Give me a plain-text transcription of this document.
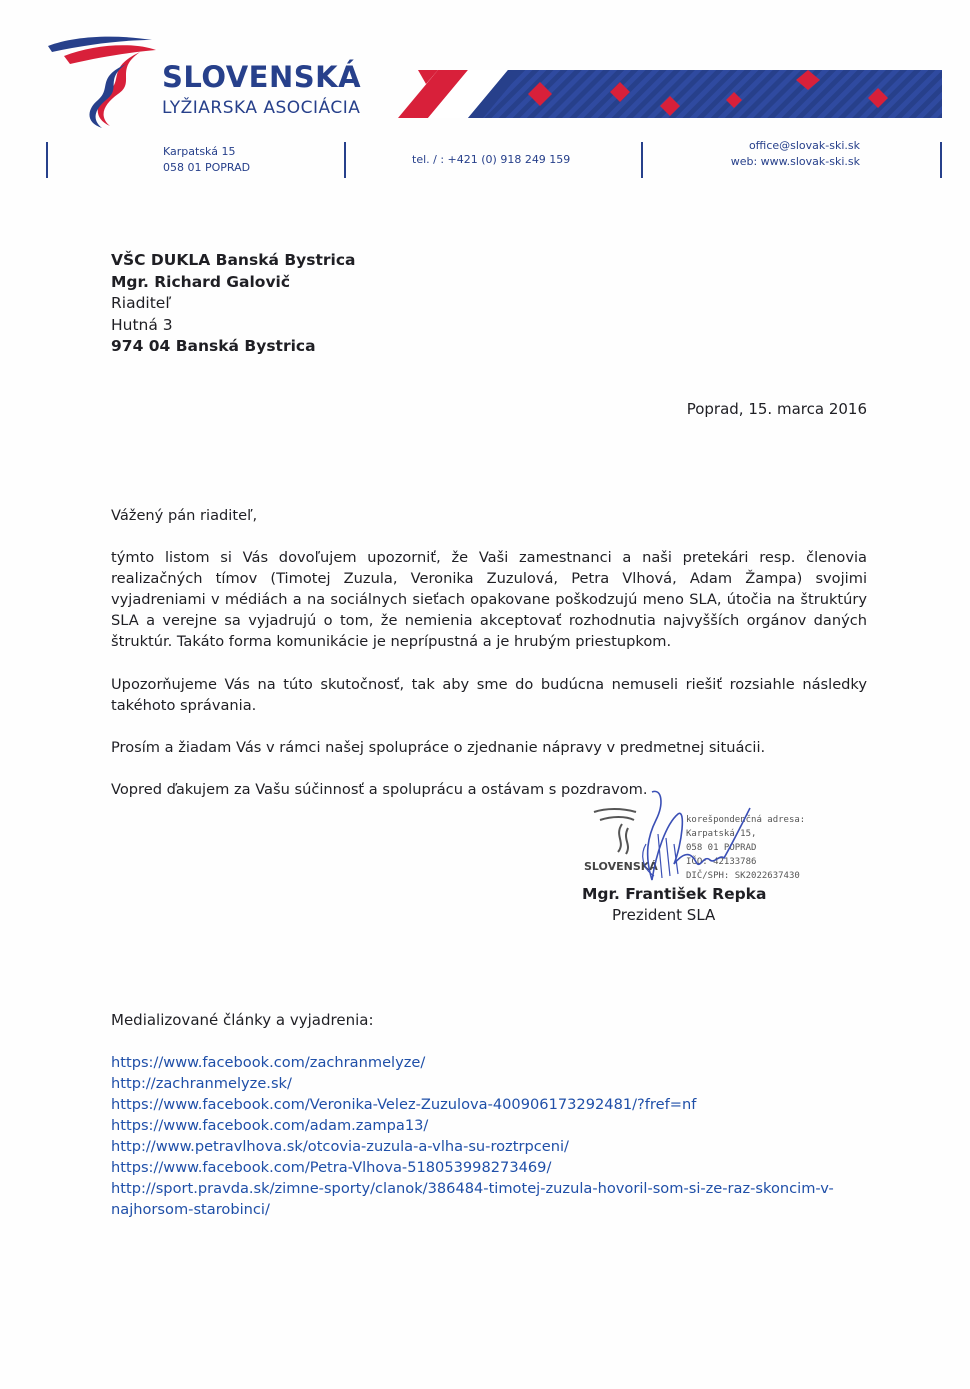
SLOVENSKÁ
LYŽIARSKA ASOCIÁCIA
Karpatská 15
058 01 POPRAD
tel. / : +421 (0) 918 249 159
office@slovak-ski.sk
web: www.slovak-ski.sk
VŠC DUKLA Banská Bystrica
Mgr. Richard Galovič
Riaditeľ
Hutná 3
974 04 Banská Bystrica
Poprad, 15. marca 2016
Vážený pán riaditeľ,
týmto listom si Vás dovoľujem upozorniť, že Vaši zamestnanci a naši pretekári resp. členovia realizačných tímov (Timotej Zuzula, Veronika Zuzulová, Petra Vlhová, Adam Žampa) svojimi vyjadreniami v médiách a na sociálnych sieťach opakovane poškodzujú meno SLA, útočia na štruktúry SLA a verejne sa vyjadrujú o tom, že nemienia akceptovať rozhodnutia najvyšších orgánov daných štruktúr. Takáto forma komunikácie je neprípustná a je hrubým priestupkom.
Upozorňujeme Vás na túto skutočnosť, tak aby sme do budúcna nemuseli riešiť rozsiahle následky takéhoto správania.
Prosím a žiadam Vás v rámci našej spolupráce o zjednanie nápravy v predmetnej situácii.
Vopred ďakujem za Vašu súčinnosť a spoluprácu a ostávam s pozdravom.
SLOVENSKÁ
korešpondenčná adresa:
Karpatská 15,
058 01 POPRAD
IČO: 42133786
DIČ/SPH: SK2022637430
Mgr. František Repka
Prezident SLA
Medializované články a vyjadrenia:
https://www.facebook.com/zachranmelyze/
http://zachranmelyze.sk/
https://www.facebook.com/Veronika-Velez-Zuzulova-400906173292481/?fref=nf
https://www.facebook.com/adam.zampa13/
http://www.petravlhova.sk/otcovia-zuzula-a-vlha-su-roztrpceni/
https://www.facebook.com/Petra-Vlhova-518053998273469/
http://sport.pravda.sk/zimne-sporty/clanok/386484-timotej-zuzula-hovoril-som-si-ze-raz-skoncim-v-najhorsom-starobinci/
